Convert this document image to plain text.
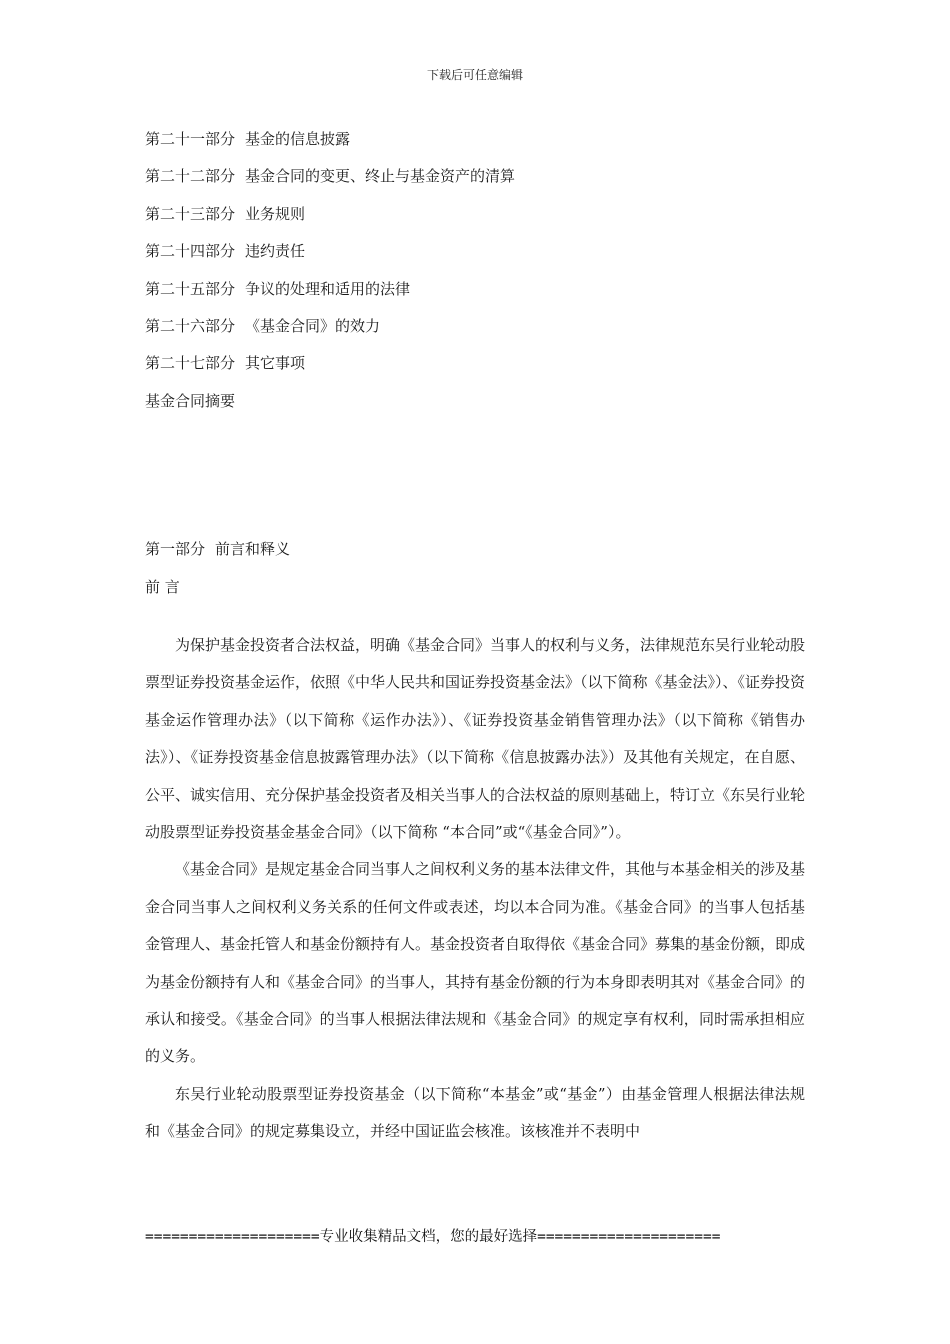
下载后可任意编辑
第二十一部分 基金的信息披露
第二十二部分 基金合同的变更、终止与基金资产的清算
第二十三部分 业务规则
第二十四部分 违约责任
第二十五部分 争议的处理和适用的法律
第二十六部分 《基金合同》的效力
第二十七部分 其它事项
基金合同摘要
第一部分 前言和释义
前 言

为保护基金投资者合法权益，明确《基金合同》当事人的权利与义务，法律规范东吴行业轮动股票型证券投资基金运作，依照《中华人民共和国证券投资基金法》（以下简称《基金法》）、《证券投资基金运作管理办法》（以下简称《运作办法》）、《证券投资基金销售管理办法》（以下简称《销售办法》）、《证券投资基金信息披露管理办法》（以下简称《信息披露办法》）及其他有关规定，在自愿、公平、诚实信用、充分保护基金投资者及相关当事人的合法权益的原则基础上，特订立《东吴行业轮动股票型证券投资基金基金合同》（以下简称 “本合同”或“《基金合同》”）。

《基金合同》是规定基金合同当事人之间权利义务的基本法律文件，其他与本基金相关的涉及基金合同当事人之间权利义务关系的任何文件或表述，均以本合同为准。《基金合同》的当事人包括基金管理人、基金托管人和基金份额持有人。基金投资者自取得依《基金合同》募集的基金份额，即成为基金份额持有人和《基金合同》的当事人，其持有基金份额的行为本身即表明其对《基金合同》的承认和接受。《基金合同》的当事人根据法律法规和《基金合同》的规定享有权利，同时需承担相应的义务。

东吴行业轮动股票型证券投资基金（以下简称“本基金”或“基金”）由基金管理人根据法律法规和《基金合同》的规定募集设立，并经中国证监会核准。该核准并不表明中

====================专业收集精品文档，您的最好选择=====================
